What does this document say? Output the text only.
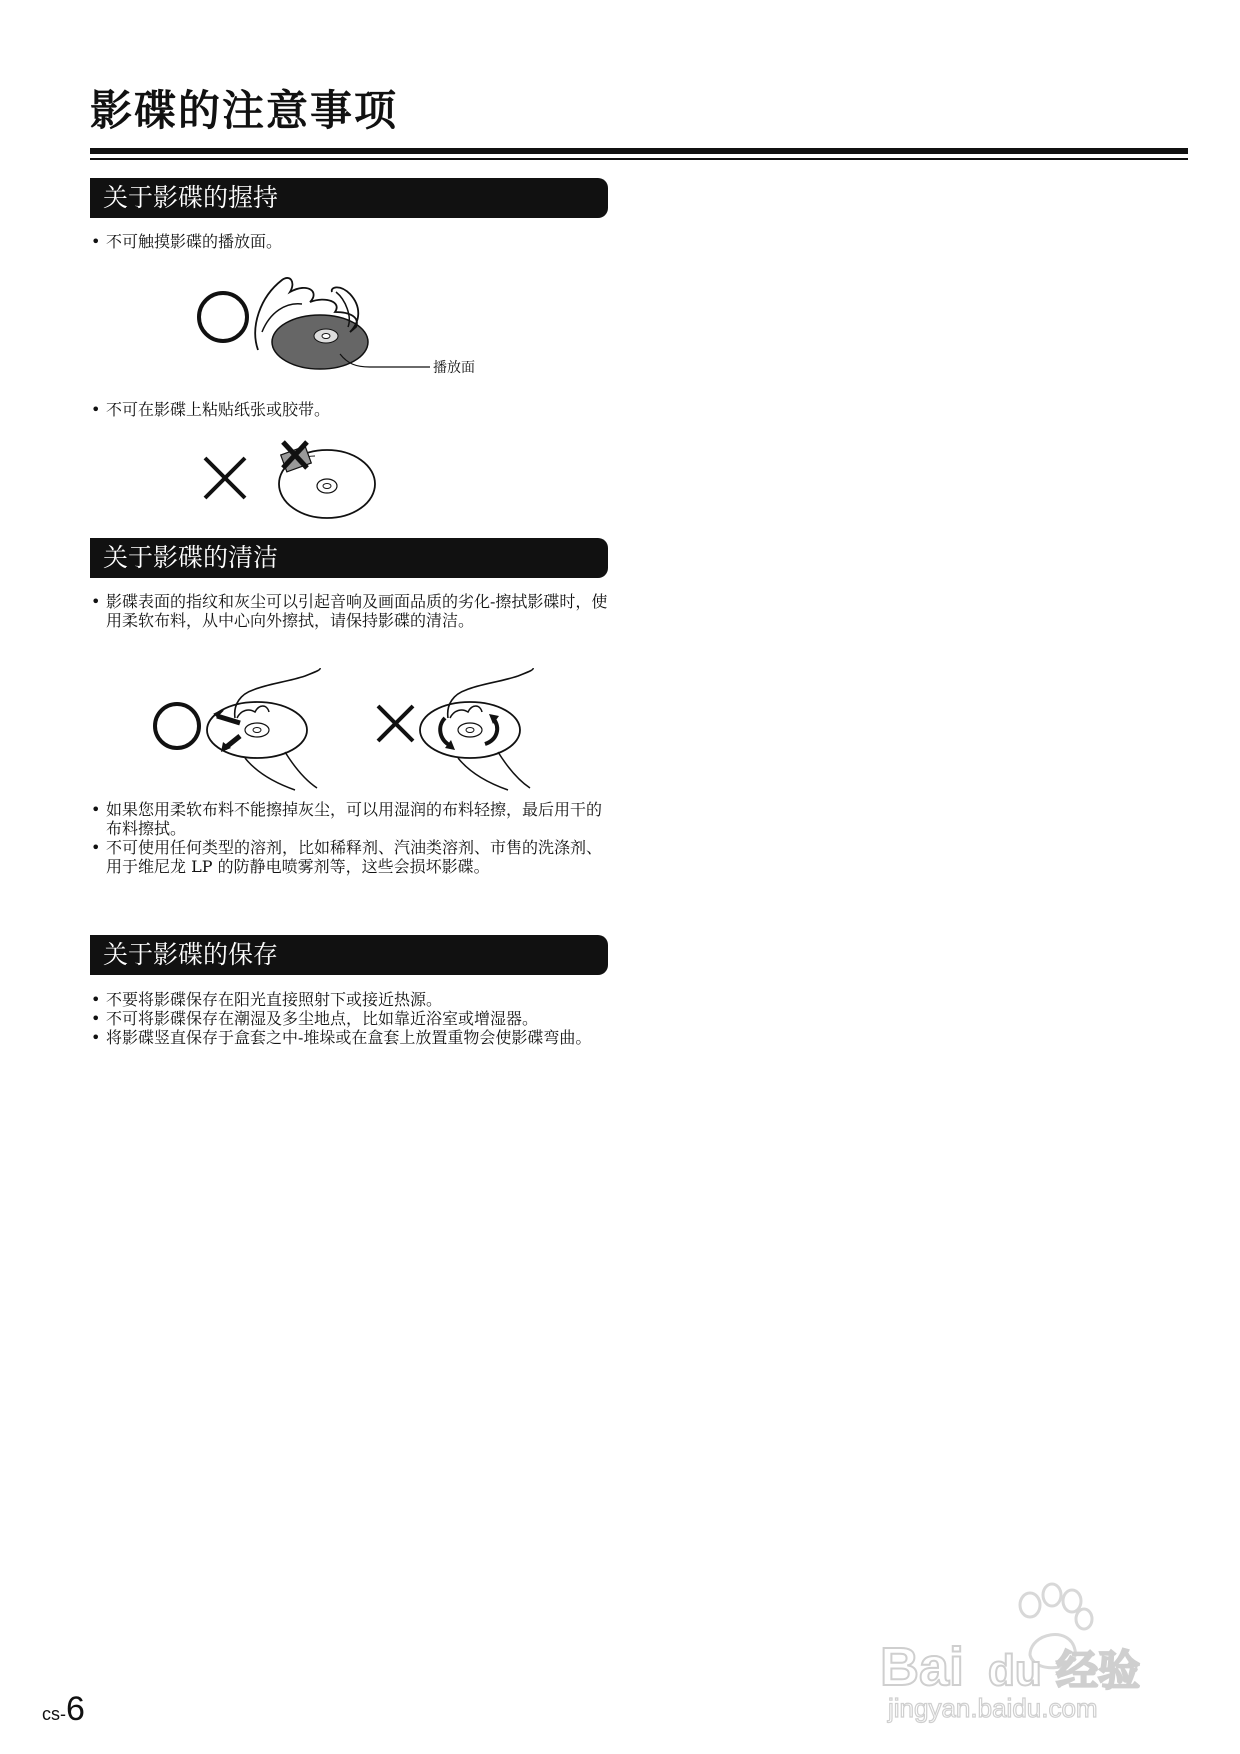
影碟的注意事项
关于影碟的握持
• 不可触摸影碟的播放面。
播放面
• 不可在影碟上粘贴纸张或胶带。
关于影碟的清洁
• 影碟表面的指纹和灰尘可以引起音响及画面品质的劣化-擦拭影碟时，使用柔软布料，从中心向外擦拭，请保持影碟的清洁。
• 如果您用柔软布料不能擦掉灰尘，可以用湿润的布料轻擦，最后用干的布料擦拭。
• 不可使用任何类型的溶剂，比如稀释剂、汽油类溶剂、市售的洗涤剂、用于维尼龙 LP 的防静电喷雾剂等，这些会损坏影碟。
关于影碟的保存
• 不要将影碟保存在阳光直接照射下或接近热源。
• 不可将影碟保存在潮湿及多尘地点，比如靠近浴室或增湿器。
• 将影碟竖直保存于盒套之中-堆垛或在盒套上放置重物会使影碟弯曲。
Bai du 经验
jingyan.baidu.com
cs-6
